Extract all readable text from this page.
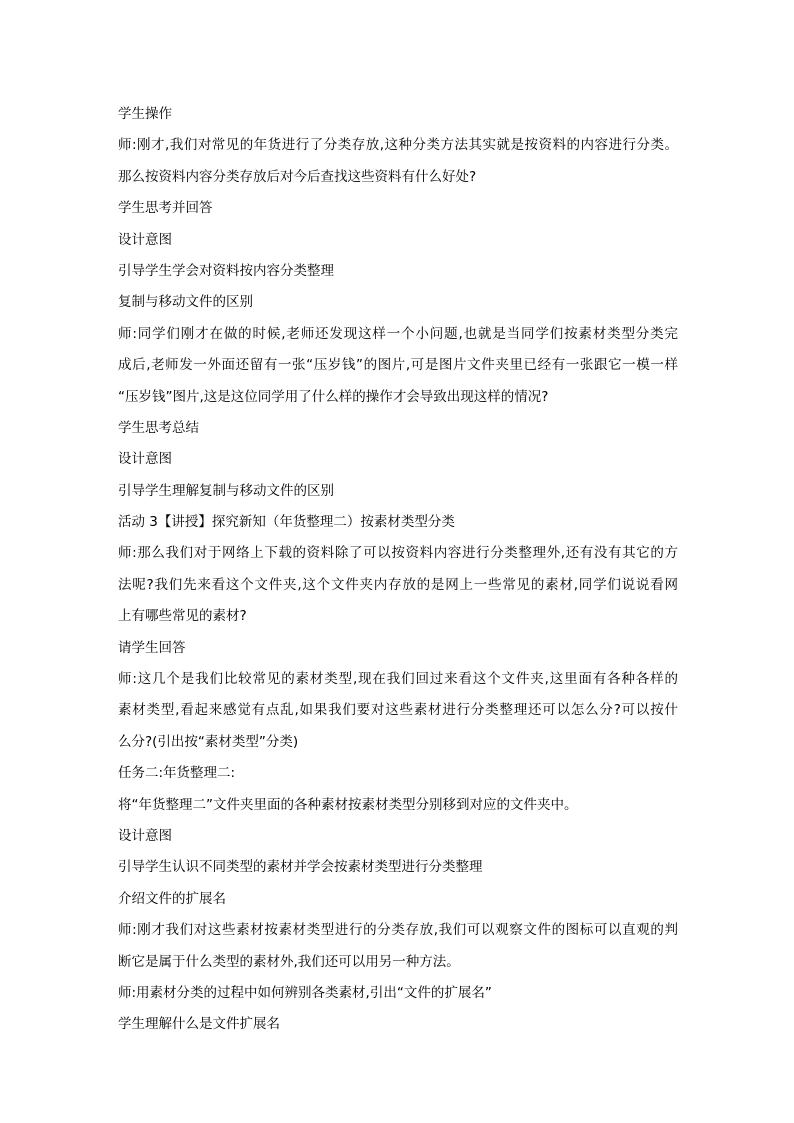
学生操作
师:刚才,我们对常见的年货进行了分类存放,这种分类方法其实就是按资料的内容进行分类。
那么按资料内容分类存放后对今后查找这些资料有什么好处?
学生思考并回答
设计意图
引导学生学会对资料按内容分类整理
复制与移动文件的区别
师:同学们刚才在做的时候,老师还发现这样一个小问题,也就是当同学们按素材类型分类完
成后,老师发一外面还留有一张“压岁钱”的图片,可是图片文件夹里已经有一张跟它一模一样
“压岁钱”图片,这是这位同学用了什么样的操作才会导致出现这样的情况?
学生思考总结
设计意图
引导学生理解复制与移动文件的区别
活动 3【讲授】探究新知（年货整理二）按素材类型分类
师:那么我们对于网络上下载的资料除了可以按资料内容进行分类整理外,还有没有其它的方
法呢?我们先来看这个文件夹,这个文件夹内存放的是网上一些常见的素材,同学们说说看网
上有哪些常见的素材?
请学生回答
师:这几个是我们比较常见的素材类型,现在我们回过来看这个文件夹,这里面有各种各样的
素材类型,看起来感觉有点乱,如果我们要对这些素材进行分类整理还可以怎么分?可以按什
么分?(引出按“素材类型”分类)
任务二:年货整理二:
将“年货整理二”文件夹里面的各种素材按素材类型分别移到对应的文件夹中。
设计意图
引导学生认识不同类型的素材并学会按素材类型进行分类整理
介绍文件的扩展名
师:刚才我们对这些素材按素材类型进行的分类存放,我们可以观察文件的图标可以直观的判
断它是属于什么类型的素材外,我们还可以用另一种方法。
师:用素材分类的过程中如何辨别各类素材,引出“文件的扩展名”
学生理解什么是文件扩展名
